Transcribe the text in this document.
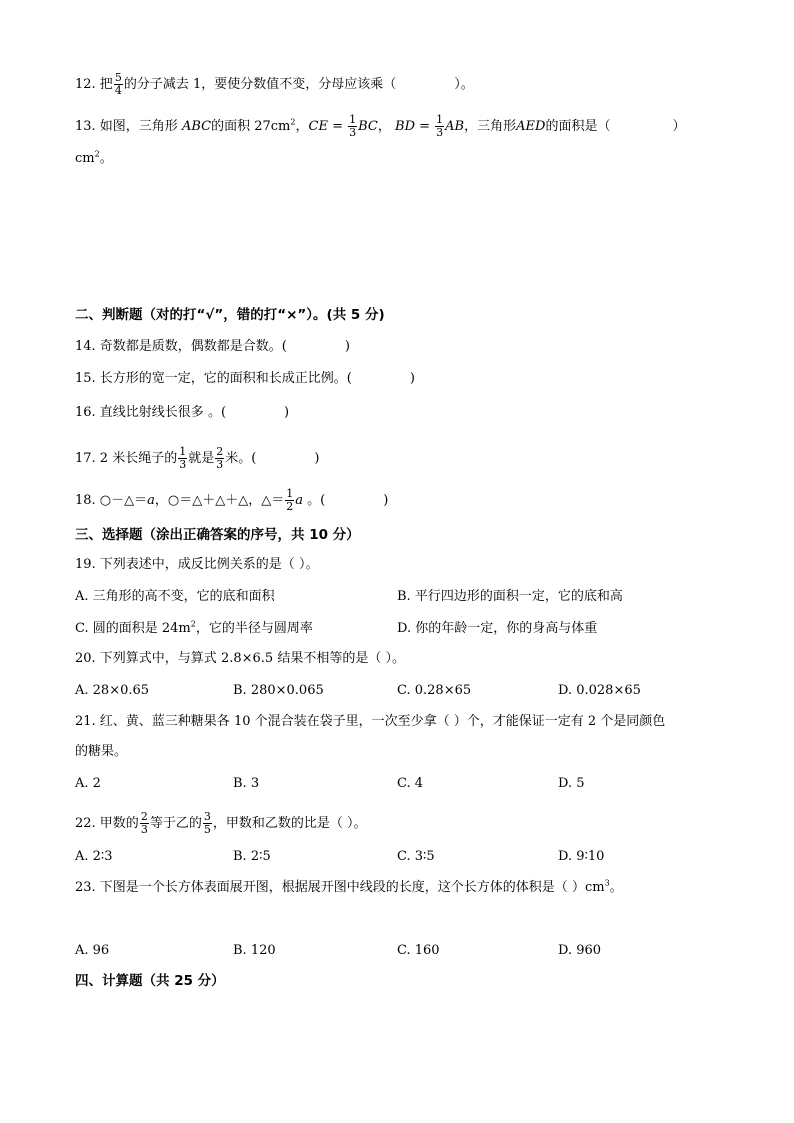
12. 把 $\frac{5}{4}$ 的分子减去 1，要使分数值不变，分母应该乘（	）。
13. 如图，三角形 ABC的面积 $27cm^2$，CE = $\frac{1}{3}$ BC， BD = $\frac{1}{3}$ AB，三角形AED的面积是（	）
$cm^2$。
二、判断题（对的打“√”，错的打“×”）。(共 5 分)
14. 奇数都是质数，偶数都是合数。(	)
15. 长方形的宽一定，它的面积和长成正比例。(	)
16. 直线比射线长很多 。(	)
17. 2 米长绳子的 $\frac{1}{3}$ 就是 $\frac{2}{3}$ 米。(	)
18. ○－△＝a，○＝△＋△＋△，△＝ $\frac{1}{2}$ a 。(	)
三、选择题（涂出正确答案的序号，共 10 分）
19. 下列表述中，成反比例关系的是（ ）。
A. 三角形的高不变，它的底和面积	B. 平行四边形的面积一定，它的底和高
C. 圆的面积是 $24m^2$，它的半径与圆周率	D. 你的年龄一定，你的身高与体重
20. 下列算式中，与算式 2.8×6.5 结果不相等的是（ ）。
A. 28×0.65	B. 280×0.065	C. 0.28×65	D. 0.028×65
21. 红、黄、蓝三种糖果各 10 个混合装在袋子里，一次至少拿（ ）个，才能保证一定有 2 个是同颜色
的糖果。
A. 2	B. 3	C. 4	D. 5
22. 甲数的 $\frac{2}{3}$ 等于乙的 $\frac{3}{5}$ ，甲数和乙数的比是（ ）。
A. 2∶3	B. 2∶5	C. 3∶5	D. 9∶10
23. 下图是一个长方体表面展开图，根据展开图中线段的长度，这个长方体的体积是（ ）$cm^3$。
A. 96	B. 120	C. 160	D. 960
四、计算题（共 25 分）
